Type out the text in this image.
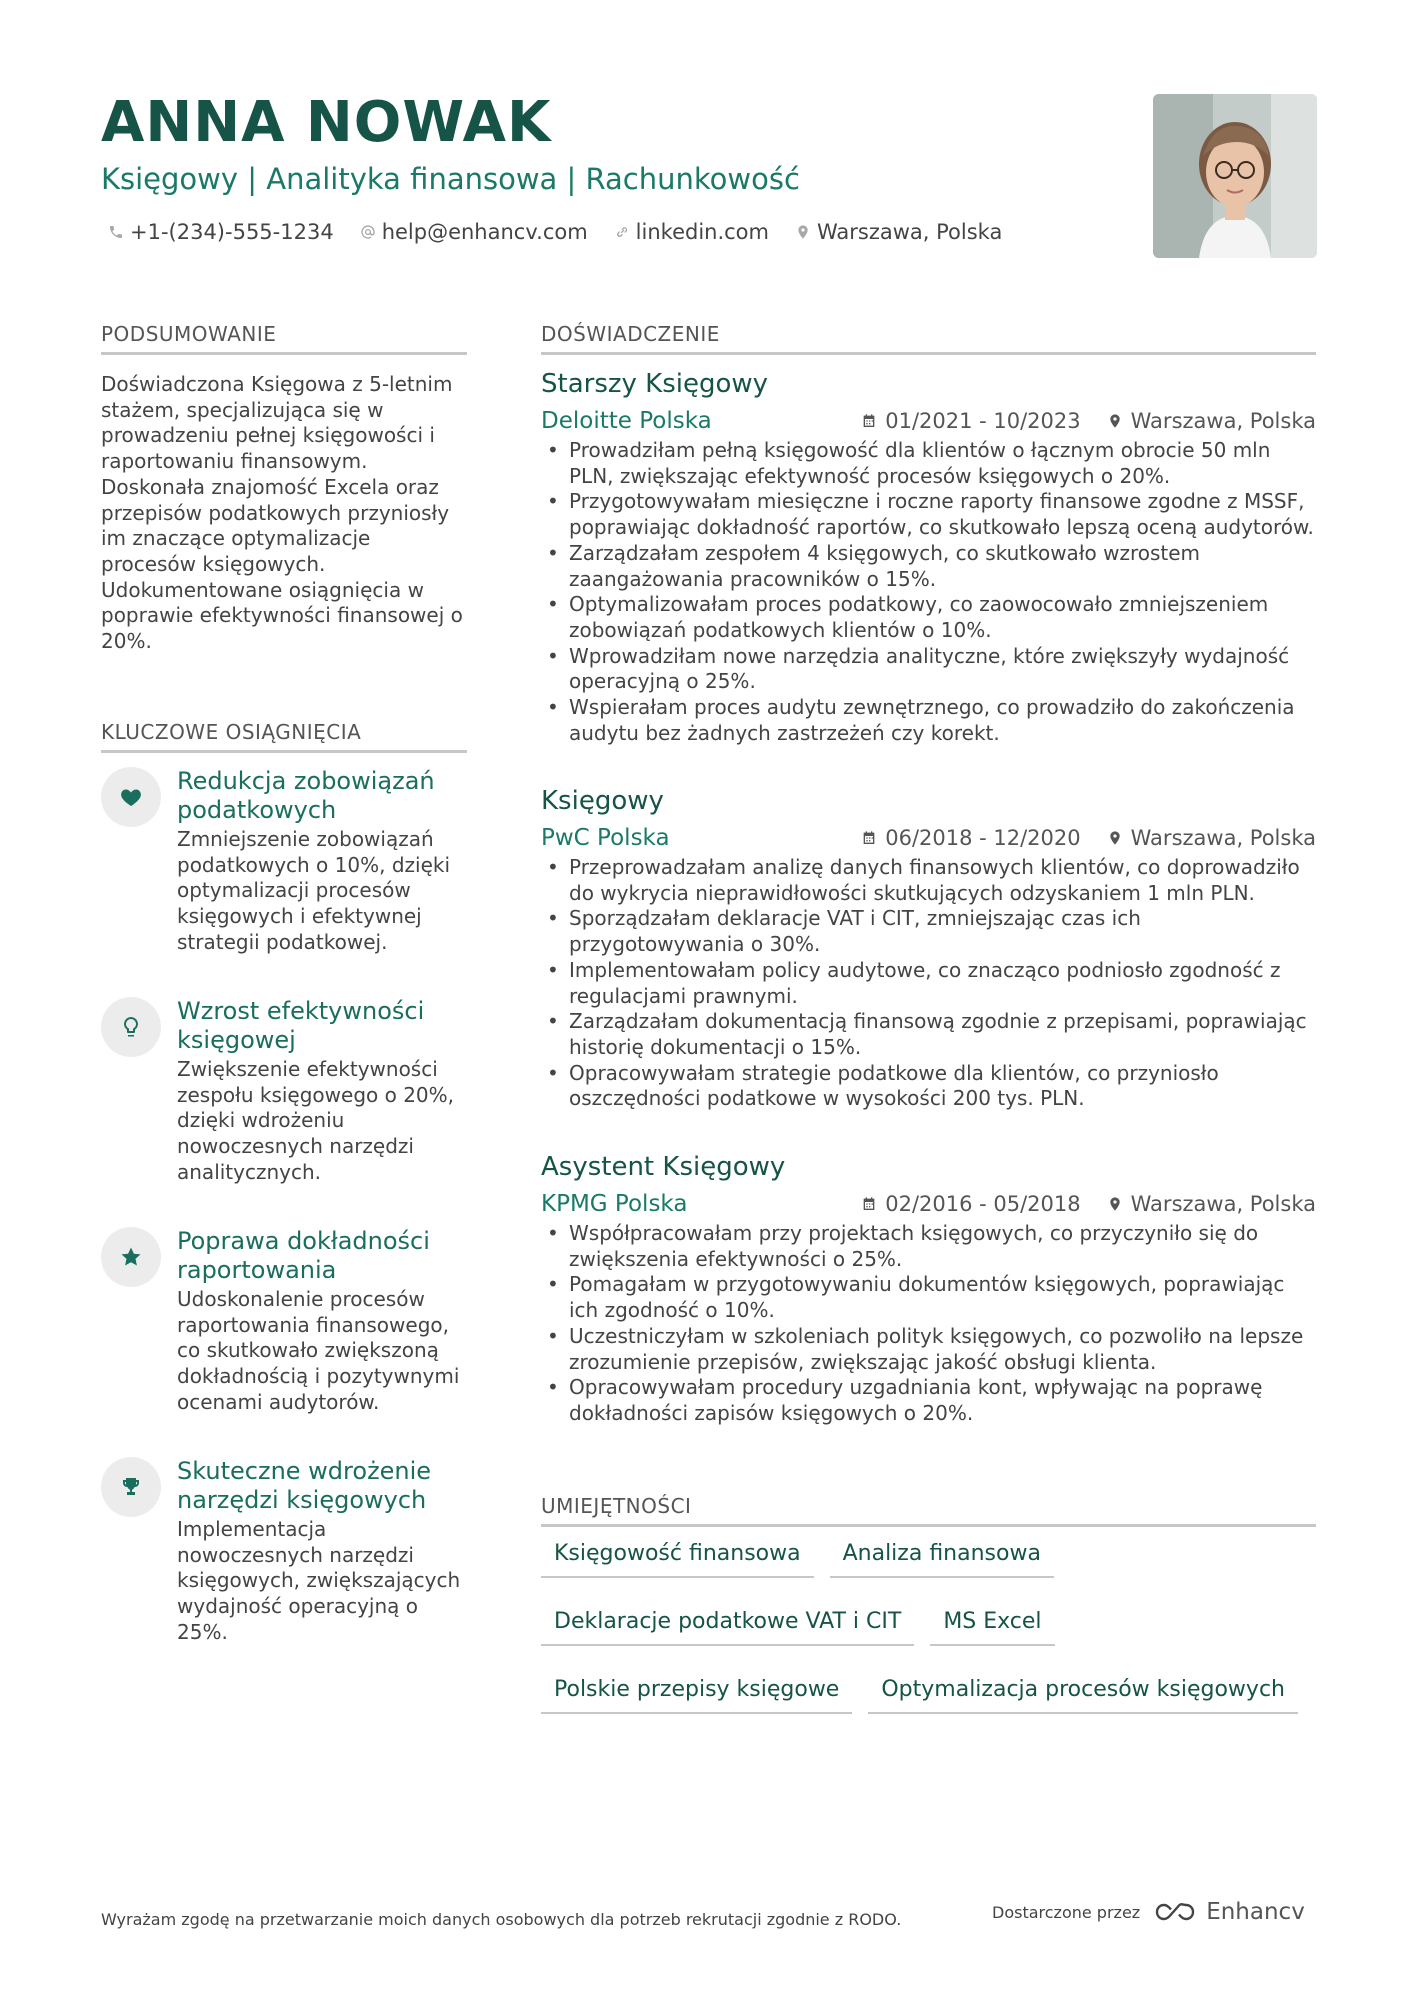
ANNA NOWAK
Księgowy | Analityka finansowa | Rachunkowość
+1-(234)-555-1234 help@enhancv.com linkedin.com Warszawa, Polska
PODSUMOWANIE
Doświadczona Księgowa z 5-letnim stażem, specjalizująca się w prowadzeniu pełnej księgowości i raportowaniu finansowym. Doskonała znajomość Excela oraz przepisów podatkowych przyniosły im znaczące optymalizacje procesów księgowych. Udokumentowane osiągnięcia w poprawie efektywności finansowej o 20%.
KLUCZOWE OSIĄGNIĘCIA
Redukcja zobowiązań podatkowych
Zmniejszenie zobowiązań podatkowych o 10%, dzięki optymalizacji procesów księgowych i efektywnej strategii podatkowej.
Wzrost efektywności księgowej
Zwiększenie efektywności zespołu księgowego o 20%, dzięki wdrożeniu nowoczesnych narzędzi analitycznych.
Poprawa dokładności raportowania
Udoskonalenie procesów raportowania finansowego, co skutkowało zwiększoną dokładnością i pozytywnymi ocenami audytorów.
Skuteczne wdrożenie narzędzi księgowych
Implementacja nowoczesnych narzędzi księgowych, zwiększających wydajność operacyjną o 25%.
DOŚWIADCZENIE
Starszy Księgowy
Deloitte Polska	01/2021 - 10/2023 Warszawa, Polska
• Prowadziłam pełną księgowość dla klientów o łącznym obrocie 50 mln PLN, zwiększając efektywność procesów księgowych o 20%.
• Przygotowywałam miesięczne i roczne raporty finansowe zgodne z MSSF, poprawiając dokładność raportów, co skutkowało lepszą oceną audytorów.
• Zarządzałam zespołem 4 księgowych, co skutkowało wzrostem zaangażowania pracowników o 15%.
• Optymalizowałam proces podatkowy, co zaowocowało zmniejszeniem zobowiązań podatkowych klientów o 10%.
• Wprowadziłam nowe narzędzia analityczne, które zwiększyły wydajność operacyjną o 25%.
• Wspierałam proces audytu zewnętrznego, co prowadziło do zakończenia audytu bez żadnych zastrzeżeń czy korekt.
Księgowy
PwC Polska	06/2018 - 12/2020 Warszawa, Polska
• Przeprowadzałam analizę danych finansowych klientów, co doprowadziło do wykrycia nieprawidłowości skutkujących odzyskaniem 1 mln PLN.
• Sporządzałam deklaracje VAT i CIT, zmniejszając czas ich przygotowywania o 30%.
• Implementowałam policy audytowe, co znacząco podniosło zgodność z regulacjami prawnymi.
• Zarządzałam dokumentacją finansową zgodnie z przepisami, poprawiając historię dokumentacji o 15%.
• Opracowywałam strategie podatkowe dla klientów, co przyniosło oszczędności podatkowe w wysokości 200 tys. PLN.
Asystent Księgowy
KPMG Polska	02/2016 - 05/2018 Warszawa, Polska
• Współpracowałam przy projektach księgowych, co przyczyniło się do zwiększenia efektywności o 25%.
• Pomagałam w przygotowywaniu dokumentów księgowych, poprawiając ich zgodność o 10%.
• Uczestniczyłam w szkoleniach polityk księgowych, co pozwoliło na lepsze zrozumienie przepisów, zwiększając jakość obsługi klienta.
• Opracowywałam procedury uzgadniania kont, wpływając na poprawę dokładności zapisów księgowych o 20%.
UMIEJĘTNOŚCI
Księgowość finansowa	Analiza finansowa
Deklaracje podatkowe VAT i CIT	MS Excel
Polskie przepisy księgowe	Optymalizacja procesów księgowych
Wyrażam zgodę na przetwarzanie moich danych osobowych dla potrzeb rekrutacji zgodnie z RODO.	Dostarczone przez	Enhancv
